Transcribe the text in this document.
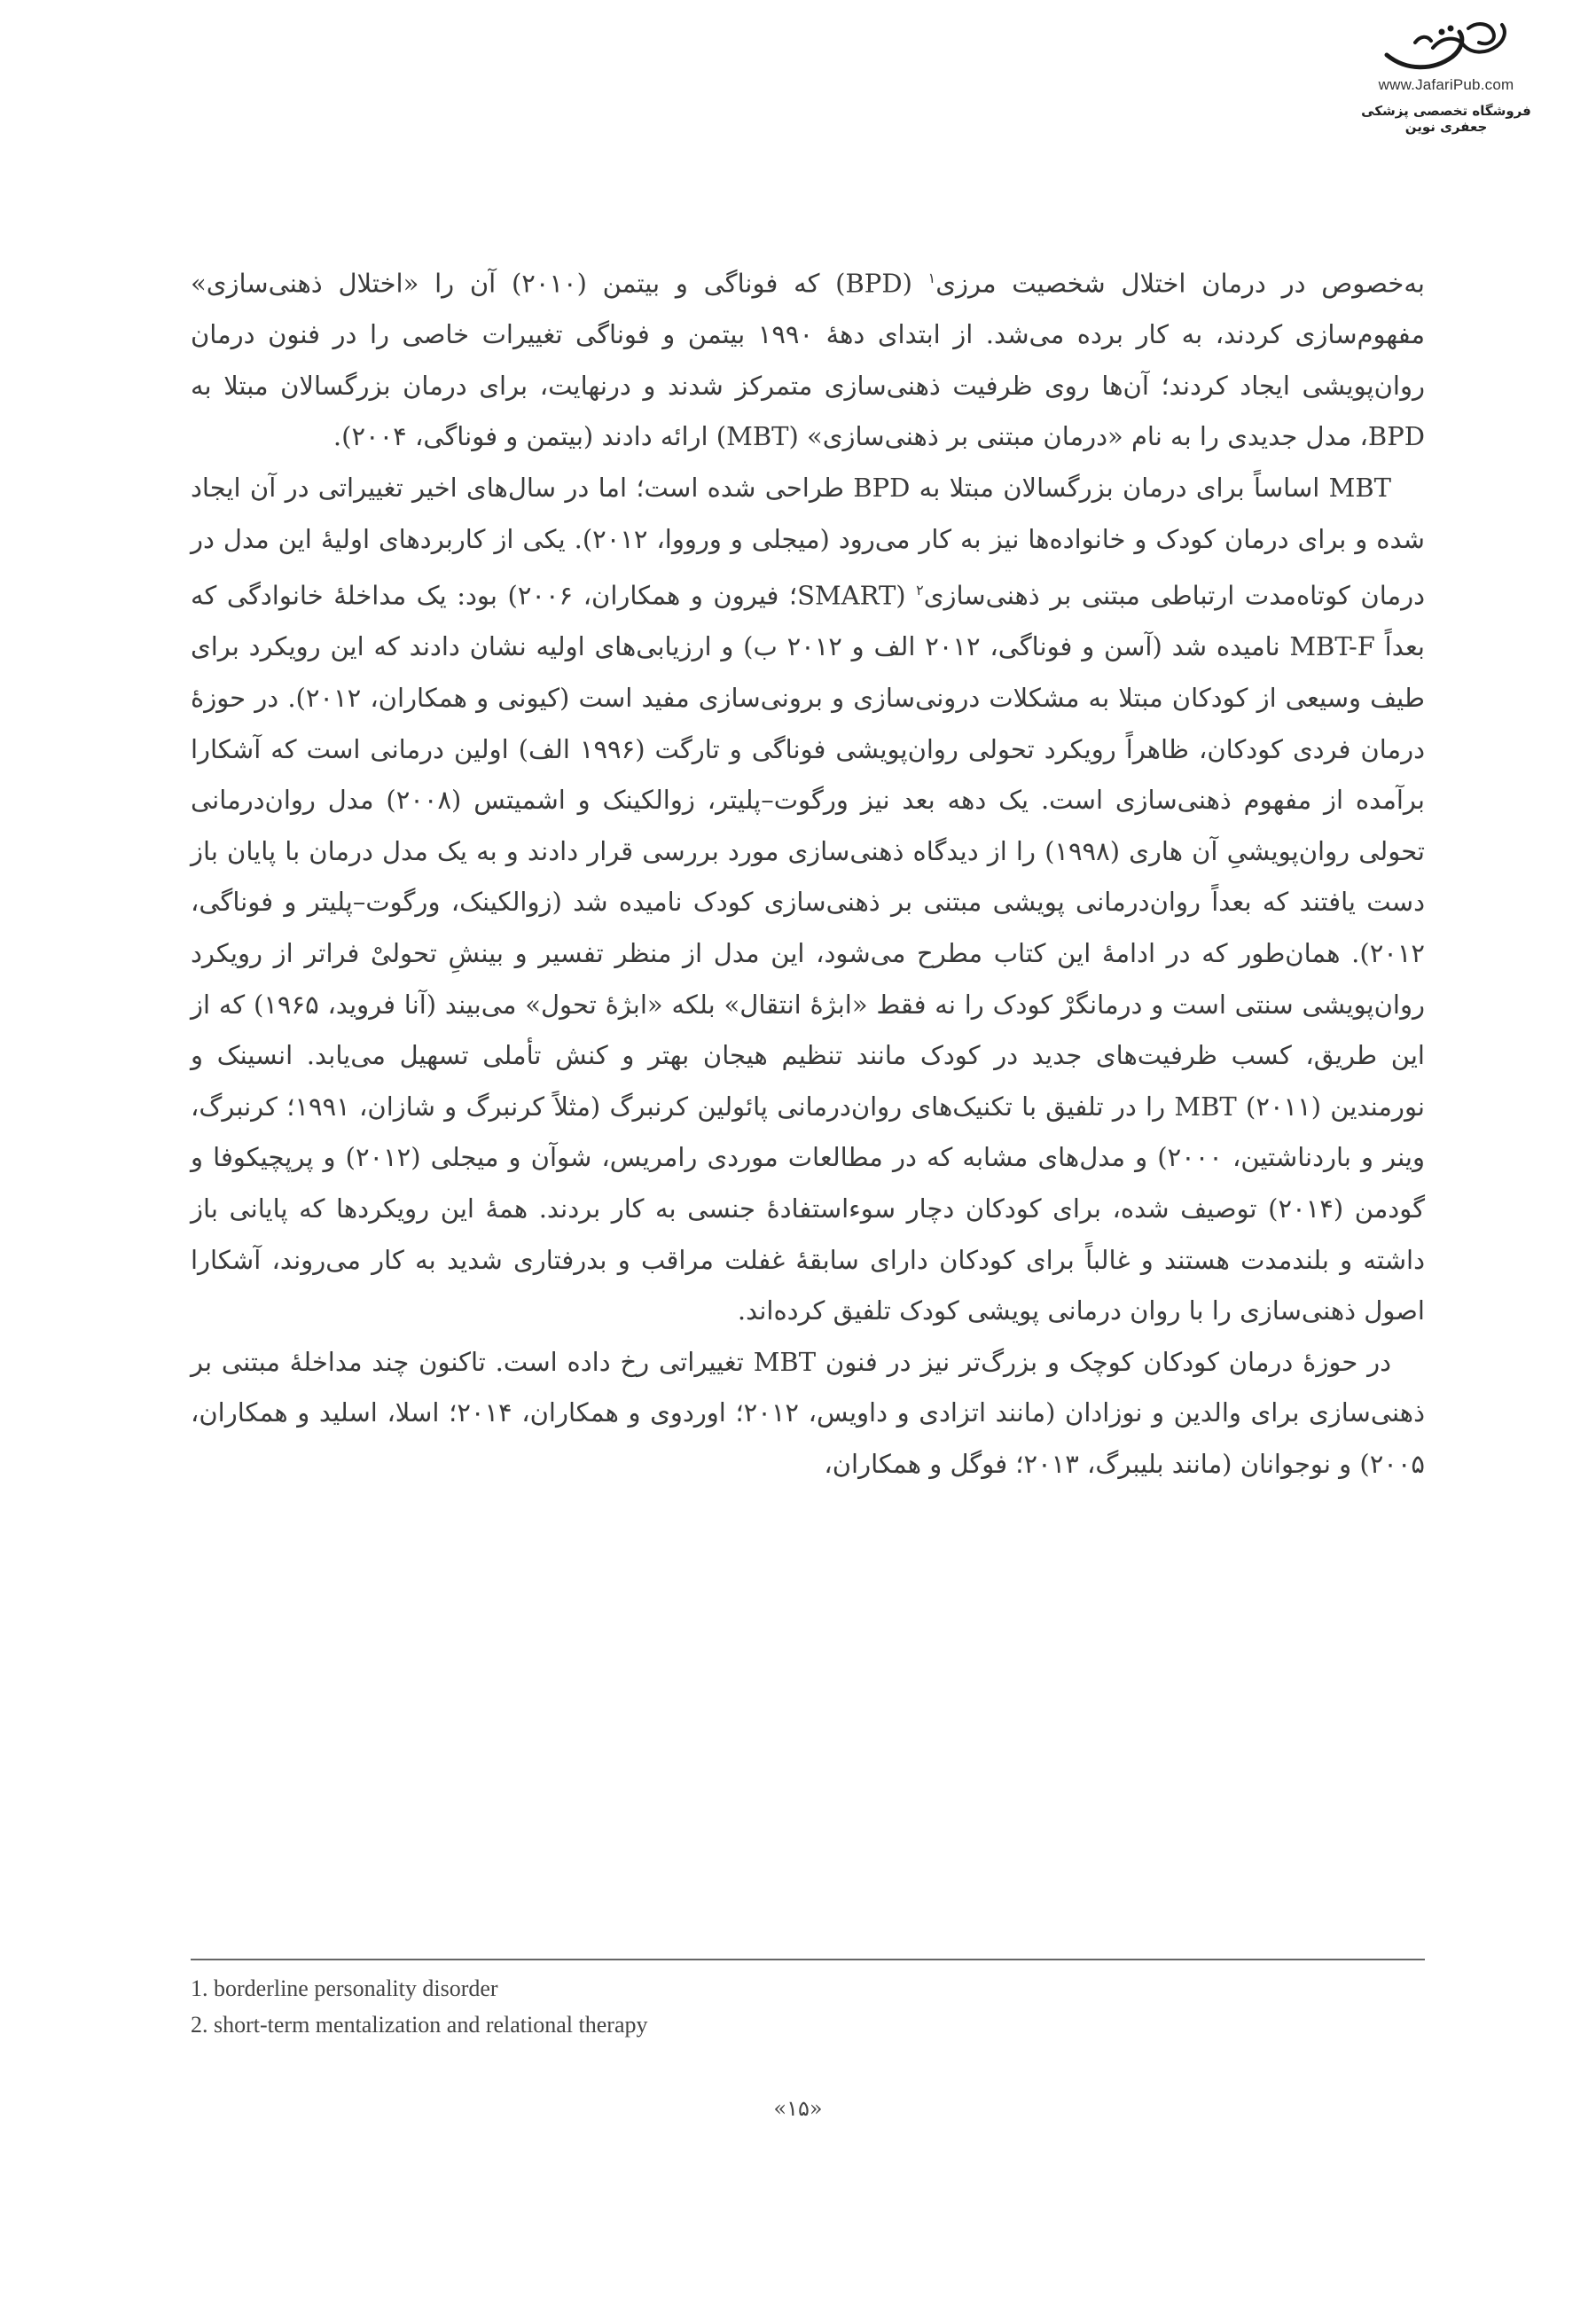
www.JafariPub.com
فروشگاه تخصصی پزشکی جعفری نوین

به‌خصوص در درمان اختلال شخصیت مرزی$^۱$ (BPD) که فوناگی و بیتمن (۲۰۱۰) آن را «اختلال ذهنی‌سازی» مفهوم‌سازی کردند، به کار برده می‌شد. از ابتدای دهۀ ۱۹۹۰ بیتمن و فوناگی تغییرات خاصی را در فنون درمان روان‌پویشی ایجاد کردند؛ آن‌ها روی ظرفیت ذهنی‌سازی متمرکز شدند و درنهایت، برای درمان بزرگسالان مبتلا به BPD، مدل جدیدی را به نام «درمان مبتنی بر ذهنی‌سازی» (MBT) ارائه دادند (بیتمن و فوناگی، ۲۰۰۴).

MBT اساساً برای درمان بزرگسالان مبتلا به BPD طراحی شده است؛ اما در سال‌های اخیر تغییراتی در آن ایجاد شده و برای درمان کودک و خانواده‌ها نیز به کار می‌رود (میجلی و ورووا، ۲۰۱۲). یکی از کاربردهای اولیۀ این مدل در درمان کوتاه‌مدت ارتباطی مبتنی بر ذهنی‌سازی$^۲$ (SMART؛ فیرون و همکاران، ۲۰۰۶) بود: یک مداخلۀ خانوادگی که بعداً MBT-F نامیده شد (آسن و فوناگی، ۲۰۱۲ الف و ۲۰۱۲ ب) و ارزیابی‌های اولیه نشان دادند که این رویکرد برای طیف وسیعی از کودکان مبتلا به مشکلات درونی‌سازی و برونی‌سازی مفید است (کیونی و همکاران، ۲۰۱۲). در حوزۀ درمان فردی کودکان، ظاهراً رویکرد تحولی روان‌پویشی فوناگی و تارگت (۱۹۹۶ الف) اولین درمانی است که آشکارا برآمده از مفهوم ذهنی‌سازی است. یک دهه بعد نیز ورگوت–پلیتر، زوالکینک و اشمیتس (۲۰۰۸) مدل روان‌درمانی تحولی روان‌پویشیِ آن هاری (۱۹۹۸) را از دیدگاه ذهنی‌سازی مورد بررسی قرار دادند و به یک مدل درمان با پایان باز دست یافتند که بعداً روان‌درمانی پویشی مبتنی بر ذهنی‌سازی کودک نامیده شد (زوالکینک، ورگوت–پلیتر و فوناگی، ۲۰۱۲). همان‌طور که در ادامۀ این کتاب مطرح می‌شود، این مدل از منظر تفسیر و بینشِ تحولیْ فراتر از رویکرد روان‌پویشی سنتی است و درمانگرْ کودک را نه فقط «ابژۀ انتقال» بلکه «ابژۀ تحول» می‌بیند (آنا فروید، ۱۹۶۵) که از این طریق، کسب ظرفیت‌های جدید در کودک مانند تنظیم هیجان بهتر و کنش تأملی تسهیل می‌یابد. انسینک و نورمندین (۲۰۱۱) MBT را در تلفیق با تکنیک‌های روان‌درمانی پائولین کرنبرگ (مثلاً کرنبرگ و شازان، ۱۹۹۱؛ کرنبرگ، وینر و باردناشتین، ۲۰۰۰) و مدل‌های مشابه که در مطالعات موردی رامریس، شوآن و میجلی (۲۰۱۲) و پرپچیکوفا و گودمن (۲۰۱۴) توصیف شده، برای کودکان دچار سوءاستفادۀ جنسی به کار بردند. همۀ این رویکردها که پایانی باز داشته و بلندمدت هستند و غالباً برای کودکان دارای سابقۀ غفلت مراقب و بدرفتاری شدید به کار می‌روند، آشکارا اصول ذهنی‌سازی را با روان درمانی پویشی کودک تلفیق کرده‌اند.

در حوزۀ درمان کودکان کوچک و بزرگ‌تر نیز در فنون MBT تغییراتی رخ داده است. تاکنون چند مداخلۀ مبتنی بر ذهنی‌سازی برای والدین و نوزادان (مانند اتزادی و داویس، ۲۰۱۲؛ اوردوی و همکاران، ۲۰۱۴؛ اسلا، اسلید و همکاران، ۲۰۰۵) و نوجوانان (مانند بلیبرگ، ۲۰۱۳؛ فوگل و همکاران،

1. borderline personality disorder
2. short-term mentalization and relational therapy
«۱۵»
